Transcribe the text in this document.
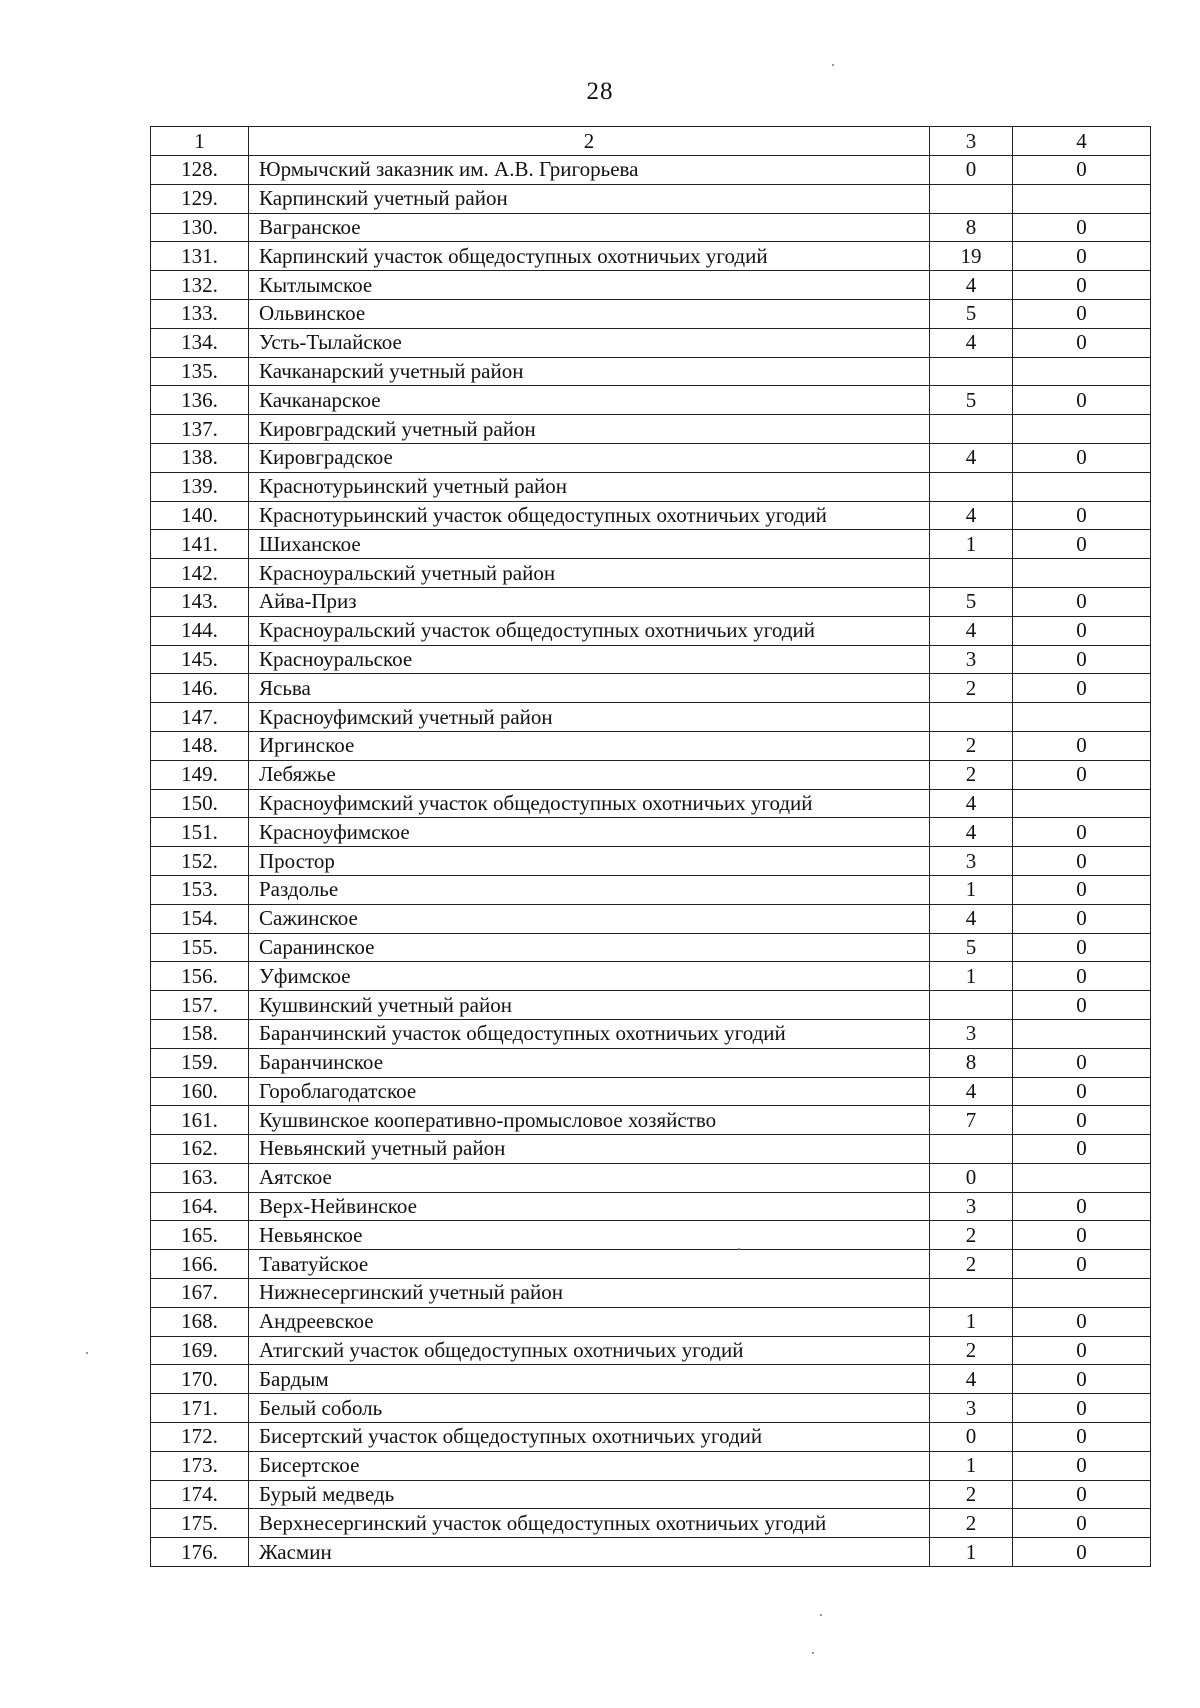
28
1	2	3	4
128.	Юрмычский заказник им. А.В. Григорьева	0	0
129.	Карпинский учетный район		
130.	Вагранское	8	0
131.	Карпинский участок общедоступных охотничьих угодий	19	0
132.	Кытлымское	4	0
133.	Ольвинское	5	0
134.	Усть-Тылайское	4	0
135.	Качканарский учетный район		
136.	Качканарское	5	0
137.	Кировградский учетный район		
138.	Кировградское	4	0
139.	Краснотурьинский учетный район		
140.	Краснотурьинский участок общедоступных охотничьих угодий	4	0
141.	Шиханское	1	0
142.	Красноуральский учетный район		
143.	Айва-Приз	5	0
144.	Красноуральский участок общедоступных охотничьих угодий	4	0
145.	Красноуральское	3	0
146.	Ясьва	2	0
147.	Красноуфимский учетный район		
148.	Иргинское	2	0
149.	Лебяжье	2	0
150.	Красноуфимский участок общедоступных охотничьих угодий	4	
151.	Красноуфимское	4	0
152.	Простор	3	0
153.	Раздолье	1	0
154.	Сажинское	4	0
155.	Саранинское	5	0
156.	Уфимское	1	0
157.	Кушвинский учетный район		0
158.	Баранчинский участок общедоступных охотничьих угодий	3	
159.	Баранчинское	8	0
160.	Гороблагодатское	4	0
161.	Кушвинское кооперативно-промысловое хозяйство	7	0
162.	Невьянский учетный район		0
163.	Аятское	0	
164.	Верх-Нейвинское	3	0
165.	Невьянское	2	0
166.	Таватуйское	2	0
167.	Нижнесергинский учетный район		
168.	Андреевское	1	0
169.	Атигский участок общедоступных охотничьих угодий	2	0
170.	Бардым	4	0
171.	Белый соболь	3	0
172.	Бисертский участок общедоступных охотничьих угодий	0	0
173.	Бисертское	1	0
174.	Бурый медведь	2	0
175.	Верхнесергинский участок общедоступных охотничьих угодий	2	0
176.	Жасмин	1	0
